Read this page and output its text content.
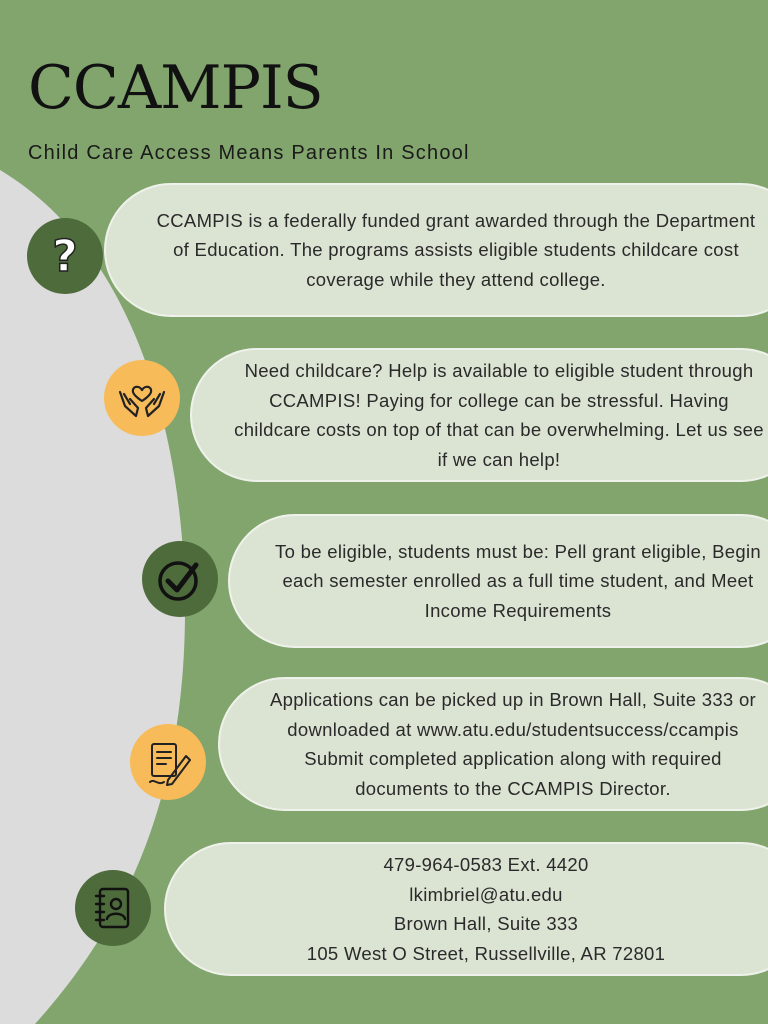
CCAMPIS
Child Care Access Means Parents In School
CCAMPIS is a federally funded grant awarded through the Department
of Education. The programs assists eligible students childcare cost
coverage while they attend college.
?
Need childcare? Help is available to eligible student through
CCAMPIS! Paying for college can be stressful. Having
childcare costs on top of that can be overwhelming. Let us see
if we can help!
To be eligible, students must be: Pell grant eligible, Begin
each semester enrolled as a full time student, and Meet
Income Requirements
Applications can be picked up in Brown Hall, Suite 333 or
downloaded at www.atu.edu/studentsuccess/ccampis
Submit completed application along with required
documents to the CCAMPIS Director.
479-964-0583 Ext. 4420
lkimbriel@atu.edu
Brown Hall, Suite 333
105 West O Street, Russellville, AR 72801
